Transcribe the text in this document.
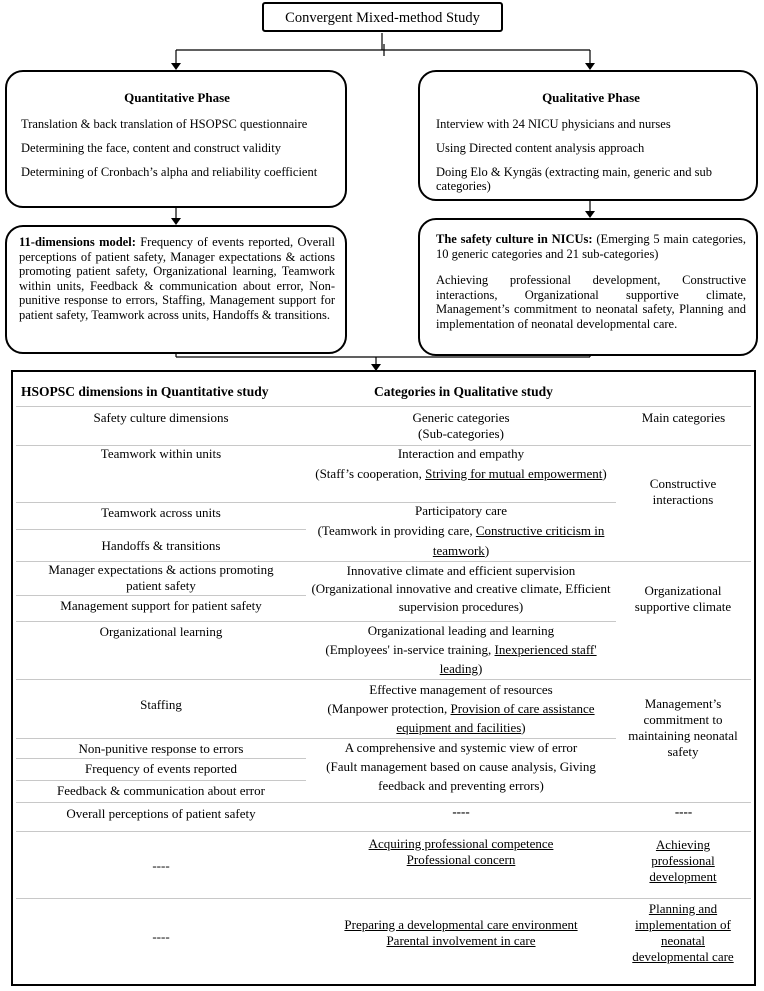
Convergent Mixed-method Study
Quantitative Phase

Translation & back translation of HSOPSC questionnaire

Determining the face, content and construct validity

Determining of Cronbach’s alpha and reliability coefficient

Qualitative Phase

Interview with 24 NICU physicians and nurses

Using Directed content analysis approach

Doing Elo & Kyngäs (extracting main, generic and sub categories)

11-dimensions model: Frequency of events reported, Overall perceptions of patient safety, Manager expectations & actions promoting patient safety, Organizational learning, Teamwork within units, Feedback & communication about error, Non-punitive response to errors, Staffing, Management support for patient safety, Teamwork across units, Handoffs & transitions.
The safety culture in NICUs: (Emerging 5 main categories, 10 generic categories and 21 sub-categories)
Achieving professional development, Constructive interactions, Organizational supportive climate, Management’s commitment to neonatal safety, Planning and implementation of neonatal developmental care.
HSOPSC dimensions in Quantitative study	Categories in Qualitative study
Safety culture dimensions	Generic categories
(Sub-categories)
Main categories
Teamwork within units
Teamwork across units
Handoffs & transitions
Manager expectations & actions promoting patient safety
Management support for patient safety
Organizational learning
Staffing
Non-punitive response to errors
Frequency of events reported
Feedback & communication about error
Overall perceptions of patient safety
----
----
Interaction and empathy
(Staff’s cooperation, Striving for mutual empowerment)
Participatory care
(Teamwork in providing care, Constructive criticism in teamwork)
Innovative climate and efficient supervision
(Organizational innovative and creative climate, Efficient supervision procedures)
Organizational leading and learning
(Employees' in-service training, Inexperienced staff' leading)
Effective management of resources
(Manpower protection, Provision of care assistance equipment and facilities)
A comprehensive and systemic view of error
(Fault management based on cause analysis, Giving feedback and preventing errors)
----
Acquiring professional competence
Professional concern
Preparing a developmental care environment
Parental involvement in care
Constructive interactions
Organizational supportive climate
Management’s commitment to maintaining neonatal safety
----
Achieving professional development
Planning and implementation of neonatal developmental care
